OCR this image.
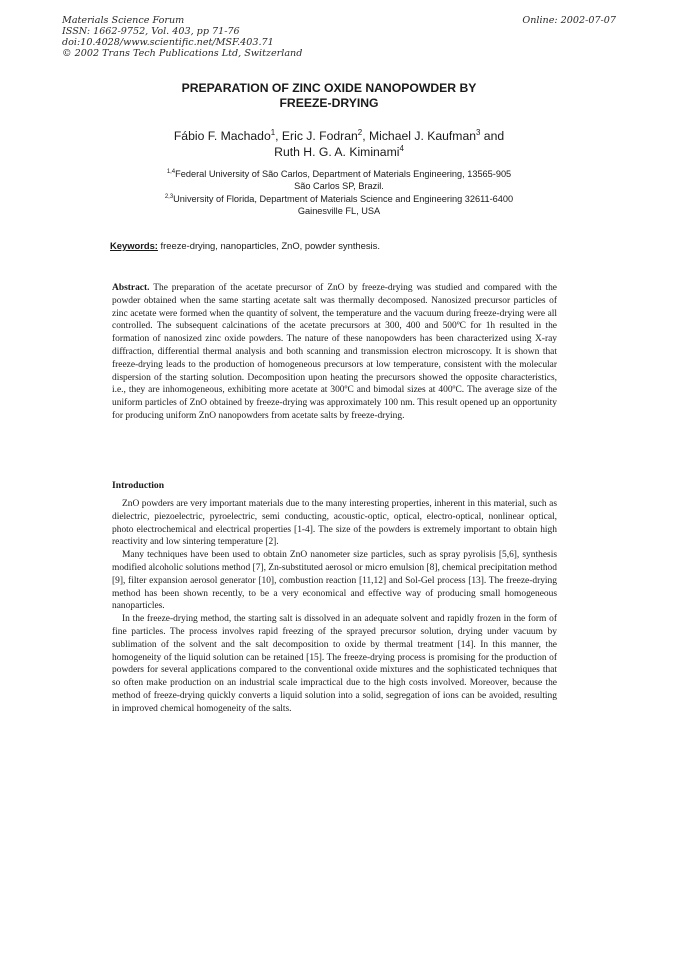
Materials Science Forum
ISSN: 1662-9752, Vol. 403, pp 71-76
doi:10.4028/www.scientific.net/MSF.403.71
© 2002 Trans Tech Publications Ltd, Switzerland
Online: 2002-07-07
PREPARATION OF ZINC OXIDE NANOPOWDER BY
FREEZE-DRYING
Fábio F. Machado$^1$, Eric J. Fodran$^2$, Michael J. Kaufman$^3$ and
Ruth H. G. A. Kiminami$^4$
$^{1,4}$Federal University of São Carlos, Department of Materials Engineering, 13565-905
São Carlos SP, Brazil.
$^{2,3}$University of Florida, Department of Materials Science and Engineering 32611-6400
Gainesville FL, USA
Keywords: freeze-drying, nanoparticles, ZnO, powder synthesis.
Abstract. The preparation of the acetate precursor of ZnO by freeze-drying was studied and compared with the powder obtained when the same starting acetate salt was thermally decomposed. Nanosized precursor particles of zinc acetate were formed when the quantity of solvent, the temperature and the vacuum during freeze-drying were all controlled. The subsequent calcinations of the acetate precursors at 300, 400 and 500ºC for 1h resulted in the formation of nanosized zinc oxide powders. The nature of these nanopowders has been characterized using X-ray diffraction, differential thermal analysis and both scanning and transmission electron microscopy. It is shown that freeze-drying leads to the production of homogeneous precursors at low temperature, consistent with the molecular dispersion of the starting solution. Decomposition upon heating the precursors showed the opposite characteristics, i.e., they are inhomogeneous, exhibiting more acetate at 300ºC and bimodal sizes at 400ºC. The average size of the uniform particles of ZnO obtained by freeze-drying was approximately 100 nm. This result opened up an opportunity for producing uniform ZnO nanopowders from acetate salts by freeze-drying.
Introduction

ZnO powders are very important materials due to the many interesting properties, inherent in this material, such as dielectric, piezoelectric, pyroelectric, semi conducting, acoustic-optic, optical, electro-optical, nonlinear optical, photo electrochemical and electrical properties [1-4]. The size of the powders is extremely important to obtain high reactivity and low sintering temperature [2].

Many techniques have been used to obtain ZnO nanometer size particles, such as spray pyrolisis [5,6], synthesis modified alcoholic solutions method [7], Zn-substituted aerosol or micro emulsion [8], chemical precipitation method [9], filter expansion aerosol generator [10], combustion reaction [11,12] and Sol-Gel process [13]. The freeze-drying method has been shown recently, to be a very economical and effective way of producing small homogeneous nanoparticles.

In the freeze-drying method, the starting salt is dissolved in an adequate solvent and rapidly frozen in the form of fine particles. The process involves rapid freezing of the sprayed precursor solution, drying under vacuum by sublimation of the solvent and the salt decomposition to oxide by thermal treatment [14]. In this manner, the homogeneity of the liquid solution can be retained [15]. The freeze-drying process is promising for the production of powders for several applications compared to the conventional oxide mixtures and the sophisticated techniques that so often make production on an industrial scale impractical due to the high costs involved. Moreover, because the method of freeze-drying quickly converts a liquid solution into a solid, segregation of ions can be avoided, resulting in improved chemical homogeneity of the salts.
